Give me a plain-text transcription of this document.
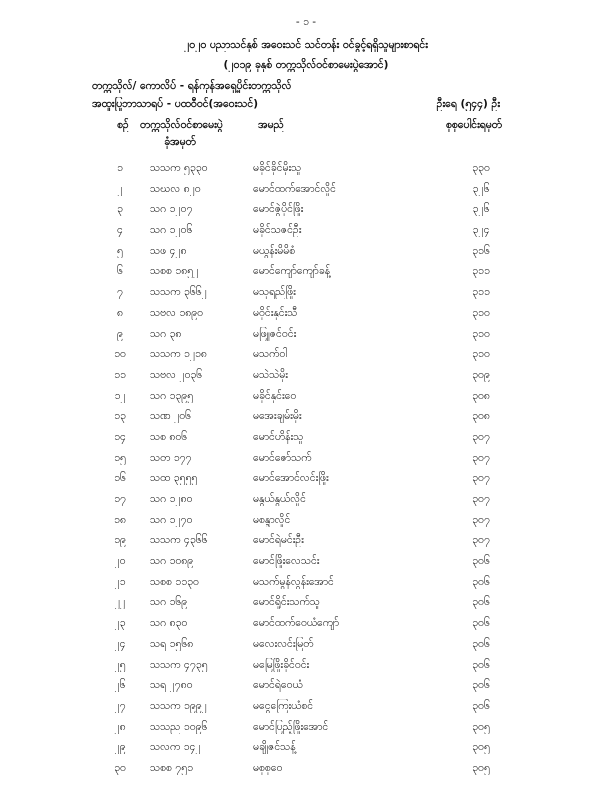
- ၁ -
၂၀၂၀ ပညာသင်နှစ် အဝေးသင် သင်တန်း ဝင်ခွင့်ရရှိသူများစာရင်း
(၂၀၁၉ ခုနှစ် တက္ကသိုလ်ဝင်စာမေးပွဲအောင်)
တက္ကသိုလ်/ ကောလိပ် - ရန်ကုန်အရှေ့ပိုင်းတက္ကသိုလ်
အထူးပြုဘာသာရပ် - ပထဝီဝင်(အဝေးသင်)	ဦးရေ (၅၄၄) ဦး
စဉ်	တက္ကသိုလ်ဝင်စာမေးပွဲ
ခုံအမှတ်
အမည်	စုစုပေါင်းရမှတ်
၁	သသက ၅၃၃၀	မခိုင်ခိုင်မိုးသူ	၃၃၀
၂	သဃလ ၈၂၀	မောင်ထက်အောင်လှိုင်	၃၂၆
၃	သဂ ၁၂၀၇	မောင်ဇွဲပိုင်ဖြိုး	၃၂၆
၄	သဂ ၁၂၀၆	မခိုင်သဇင်ဦး	၃၂၄
၅	သဖ ၄၂၈	မယွန်းမိမိစံ	၃၁၆
၆	သစစ ၁၈၅၂	မောင်ကျော်ကျော်ခန့်	၃၁၁
၇	သသက ၃၆၆၂	မသုရည်ဖြိုး	၃၁၁
၈	သဗလ ၁၈၉၀	မဝိုင်းနှင်းသီ	၃၁၀
၉	သဂ ၃၈	မဖြူဇင်ဝင်း	၃၁၀
၁၀	သသက ၁၂၁၈	မသက်ဝါ	၃၁၀
၁၁	သဗလ ၂၀၃၆	မသဲသဲမိုး	၃၀၉
၁၂	သဂ ၁၃၉၅	မခိုင်နှင်းဝေ	၃၀၈
၁၃	သဏ ၂၀၆	မအေးချမ်းမိုး	၃၀၈
၁၄	သစ ၈၀၆	မောင်ဟိန်းသူ	၃၀၇
၁၅	သတ ၁၇၇	မောင်ဇော်သက်	၃၀၇
၁၆	သထ ၃၅၅၅	မောင်အောင်လင်းဖြိုး	၃၀၇
၁၇	သဂ ၁၂၈၀	မနွယ်နွယ်လှိုင်	၃၀၇
၁၈	သဂ ၁၂၇၀	မစန္ဒာလှိုင်	၃၀၇
၁၉	သသက ၄၃၆၆	မောင်ရဲမင်းဦး	၃၀၇
၂၀	သဂ ၁၀၈၉	မောင်ဖြိုးလေသင်း	၃၀၆
၂၁	သစစ ၁၁၃၀	မသက်မွန်လွန်းအောင်	၃၀၆
၂၂	သဂ ၁၆၉	မောင်ရှိုင်းသက်သူ	၃၀၆
၂၃	သဂ ၈၃၀	မောင်ထက်ဝေယံကျော်	၃၀၆
၂၄	သရ ၁၅၆၈	မလေးလင်းမြတ်	၃၀၆
၂၅	သသက ၄၇၃၅	မမြေဖြိုးခိုင်ဝင်း	၃၀၆
၂၆	သရ ၂၇၈၀	မောင်ရဲဝေယံ	၃၀၆
၂၇	သသက ၁၉၉၂	မငွေကြေးယံစင်	၃၀၆
၂၈	သသည ၁၀၉၆	မောင်ပြည့်ဖြိုးအောင်	၃၀၅
၂၉	သလက ၁၄၂	မချိုဇင်သန့်	၃၀၅
၃၀	သစစ ၇၅၁	မစုစုဝေ	၃၀၅
